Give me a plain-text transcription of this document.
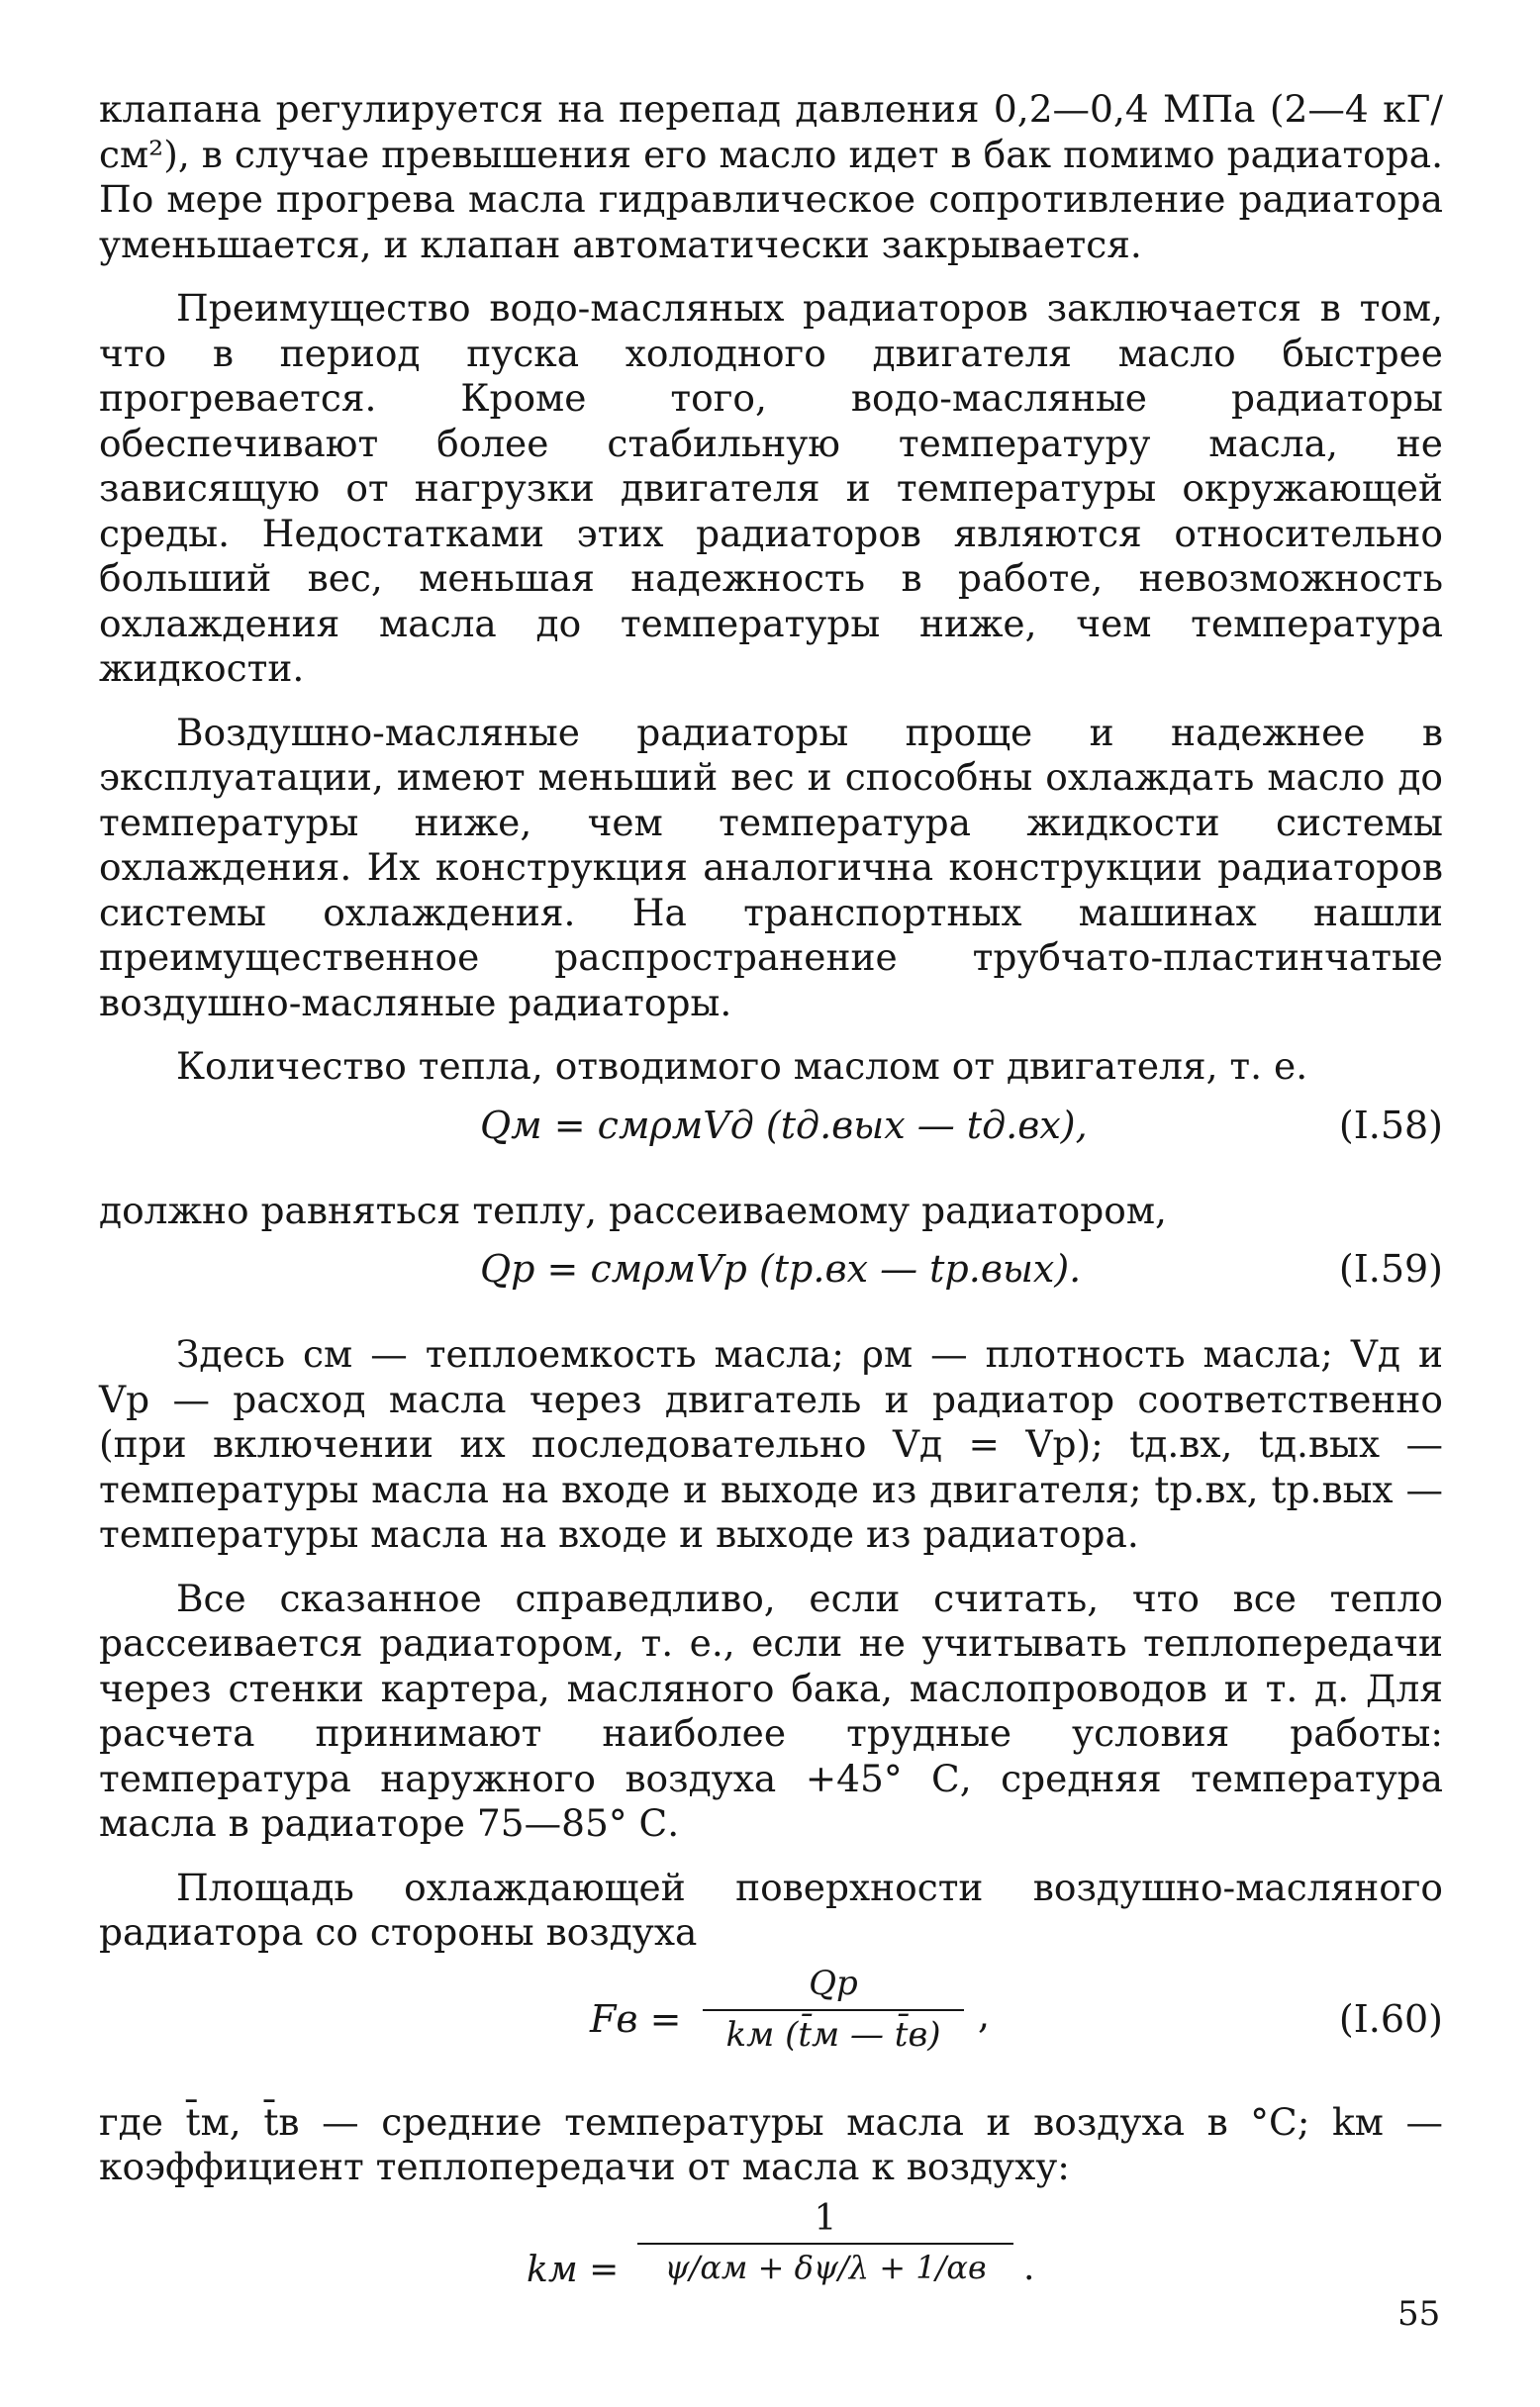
клапана регулируется на перепад давления 0,2—0,4 МПа (2—4 кГ/см²), в случае превышения его масло идет в бак помимо радиатора. По мере прогрева масла гидравлическое сопротивление радиатора уменьшается, и клапан автоматически закрывается.

Преимущество водо-масляных радиаторов заключается в том, что в период пуска холодного двигателя масло быстрее прогревается. Кроме того, водо-масляные радиаторы обеспечивают более стабильную температуру масла, не зависящую от нагрузки двигателя и температуры окружающей среды. Недостатками этих радиаторов являются относительно больший вес, меньшая надежность в работе, невозможность охлаждения масла до температуры ниже, чем температура жидкости.

Воздушно-масляные радиаторы проще и надежнее в эксплуатации, имеют меньший вес и способны охлаждать масло до температуры ниже, чем температура жидкости системы охлаждения. Их конструкция аналогична конструкции радиаторов системы охлаждения. На транспортных машинах нашли преимущественное распространение трубчато-пластинчатые воздушно-масляные радиаторы.

Количество тепла, отводимого маслом от двигателя, т. е.

Qм = cмρмVд (tд.вых — tд.вх),	(I.58)

должно равняться теплу, рассеиваемому радиатором,

Qр = cмρмVр (tр.вх — tр.вых).	(I.59)

Здесь cм — теплоемкость масла; ρм — плотность масла; Vд и Vр — расход масла через двигатель и радиатор соответственно (при включении их последовательно Vд = Vр); tд.вх, tд.вых — температуры масла на входе и выходе из двигателя; tр.вх, tр.вых — температуры масла на входе и выходе из радиатора.

Все сказанное справедливо, если считать, что все тепло рассеивается радиатором, т. е., если не учитывать теплопередачи через стенки картера, масляного бака, маслопроводов и т. д. Для расчета принимают наиболее трудные условия работы: температура наружного воздуха +45° С, средняя температура масла в радиаторе 75—85° С.

Площадь охлаждающей поверхности воздушно-масляного радиатора со стороны воздуха

Fв =
Qр
kм (t̄м — t̄в) ,	(I.60)

где t̄м, t̄в — средние температуры масла и воздуха в °С; kм — коэффициент теплопередачи от масла к воздуху:

kм =
1
ψ/αм + δψ/λ + 1/αв	.
55
